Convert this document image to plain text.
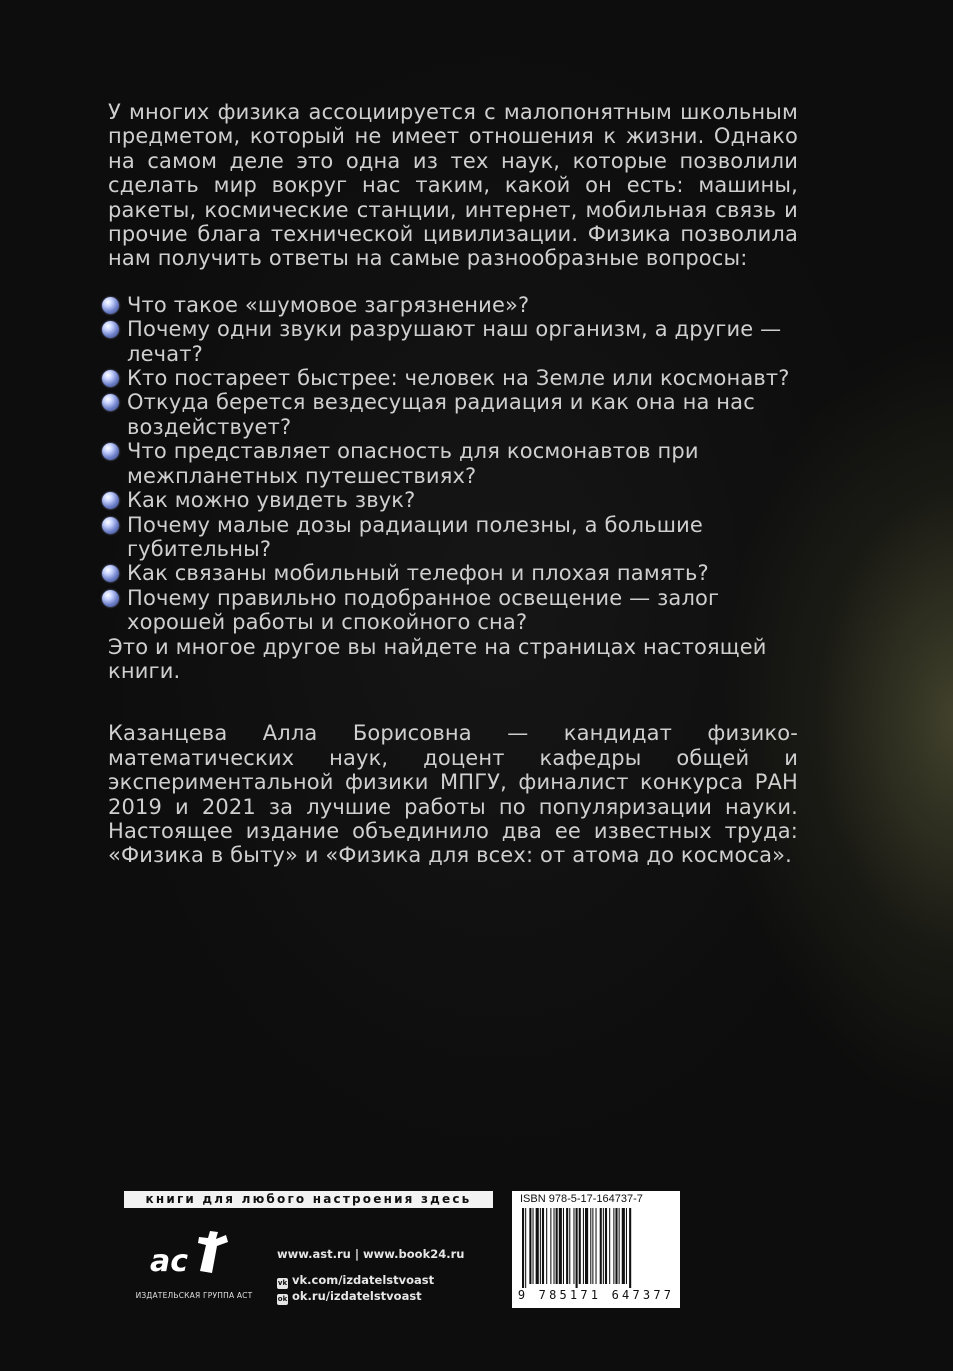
У многих физика ассоциируется с малопонятным школьным предметом, который не имеет отношения к жизни. Однако на самом деле это одна из тех наук, которые позволили сделать мир вокруг нас таким, какой он есть: машины, ракеты, космические станции, интернет, мобильная связь и прочие блага технической цивилизации. Физика позволила нам получить ответы на самые разнообразные вопросы:

Что такое «шумовое загрязнение»?
Почему одни звуки разрушают наш организм, а другие — лечат?
Кто постареет быстрее: человек на Земле или космонавт?
Откуда берется вездесущая радиация и как она на нас воздействует?
Что представляет опасность для космонавтов при межпланетных путешествиях?
Как можно увидеть звук?
Почему малые дозы радиации полезны, а большие губительны?
Как связаны мобильный телефон и плохая память?
Почему правильно подобранное освещение — залог хорошей работы и спокойного сна?

Это и многое другое вы найдете на страницах настоящей книги.

Казанцева Алла Борисовна — кандидат физико-математических наук, доцент кафедры общей и экспериментальной физики МПГУ, финалист конкурса РАН 2019 и 2021 за лучшие работы по популяризации науки. Настоящее издание объединило два ее известных труда: «Физика в быту» и «Физика для всех: от атома до космоса».

книги для любого настроения здесь
ac
ИЗДАТЕЛЬСКАЯ ГРУППА АСТ
www.ast.ru | www.book24.ru
vk vk.com/izdatelstvoast
ok ok.ru/izdatelstvoast
ISBN 978-5-17-164737-7
9 785171 647377
